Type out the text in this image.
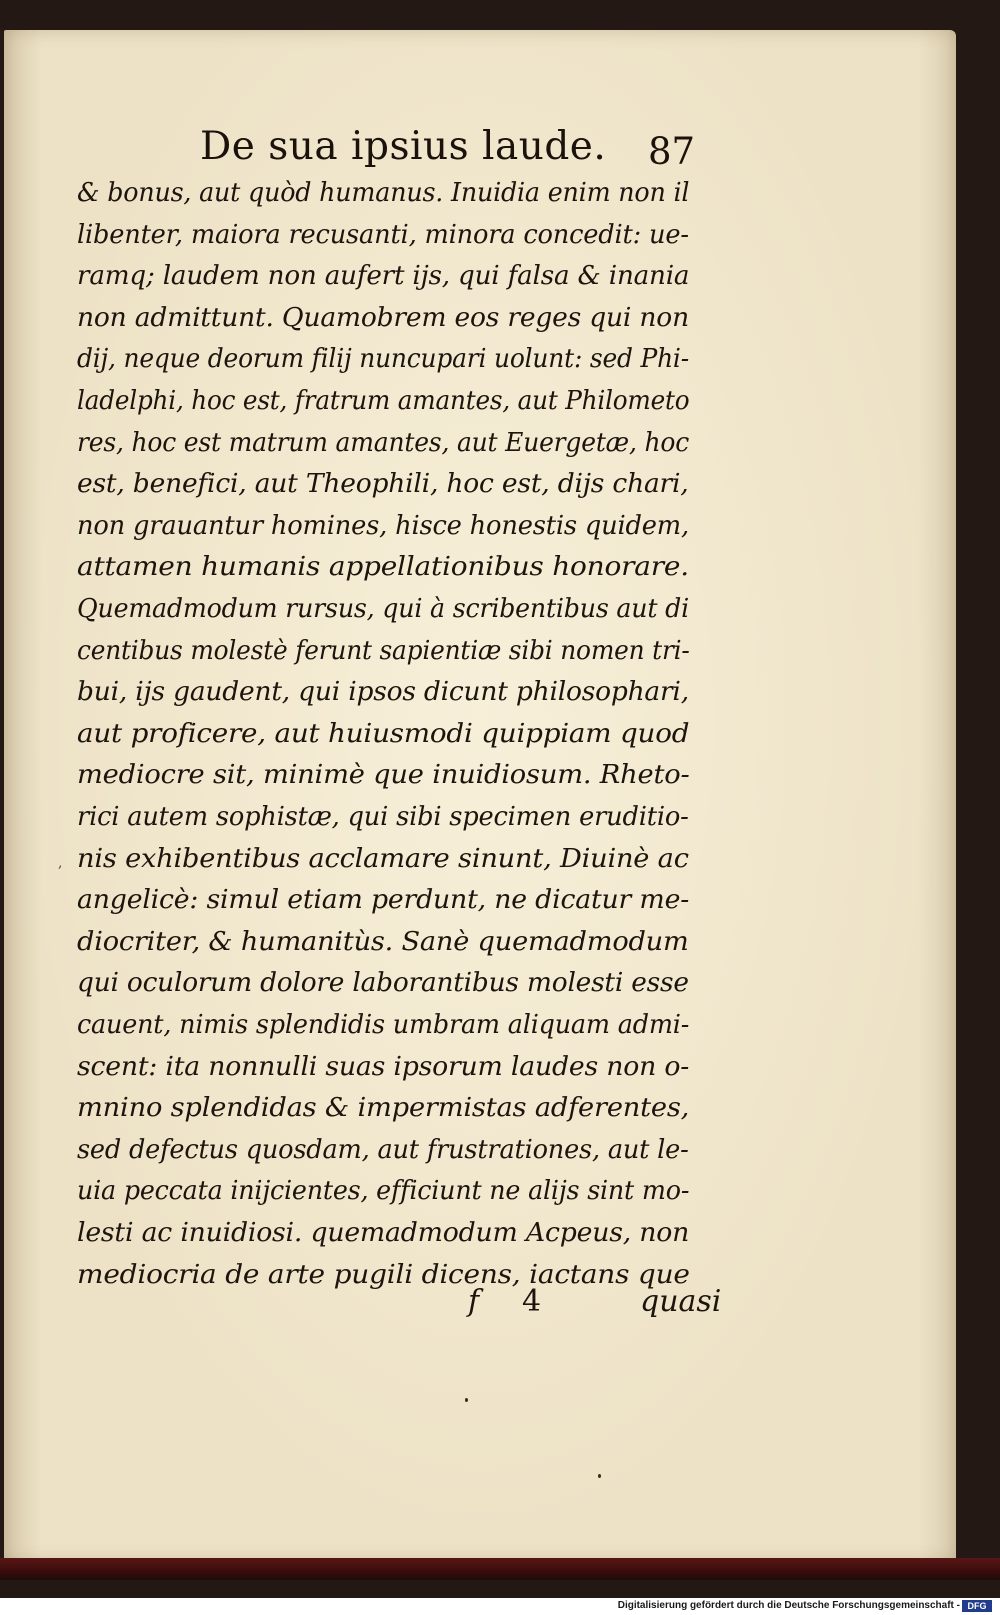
De sua ipsius laude. 87
& bonus, aut quòd humanus. Inuidia enim non il
libenter, maiora recusanti, minora concedit: ue-
ramq; laudem non aufert ijs, qui falsa & inania
non admittunt. Quamobrem eos reges qui non
dij, neque deorum filij nuncupari uolunt: sed Phi-
ladelphi, hoc est, fratrum amantes, aut Philometo
res, hoc est matrum amantes, aut Euergetæ, hoc
est, benefici, aut Theophili, hoc est, dijs chari,
non grauantur homines, hisce honestis quidem,
attamen humanis appellationibus honorare.
Quemadmodum rursus, qui à scribentibus aut di
centibus molestè ferunt sapientiæ sibi nomen tri-
bui, ijs gaudent, qui ipsos dicunt philosophari,
aut proficere, aut huiusmodi quippiam quod
mediocre sit, minimè que inuidiosum. Rheto-
rici autem sophistæ, qui sibi specimen eruditio-
nis exhibentibus acclamare sinunt, Diuinè ac
angelicè: simul etiam perdunt, ne dicatur me-
diocriter, & humanitùs. Sanè quemadmodum
qui oculorum dolore laborantibus molesti esse
cauent, nimis splendidis umbram aliquam admi-
scent: ita nonnulli suas ipsorum laudes non o-
mnino splendidas & impermistas adferentes,
sed defectus quosdam, aut frustrationes, aut le-
uia peccata inijcientes, efficiunt ne alijs sint mo-
lesti ac inuidiosi. quemadmodum Acpeus, non
mediocria de arte pugili dicens, iactans que
f 4	quasi
,
Digitalisierung gefördert durch die Deutsche Forschungsgemeinschaft - DFG
